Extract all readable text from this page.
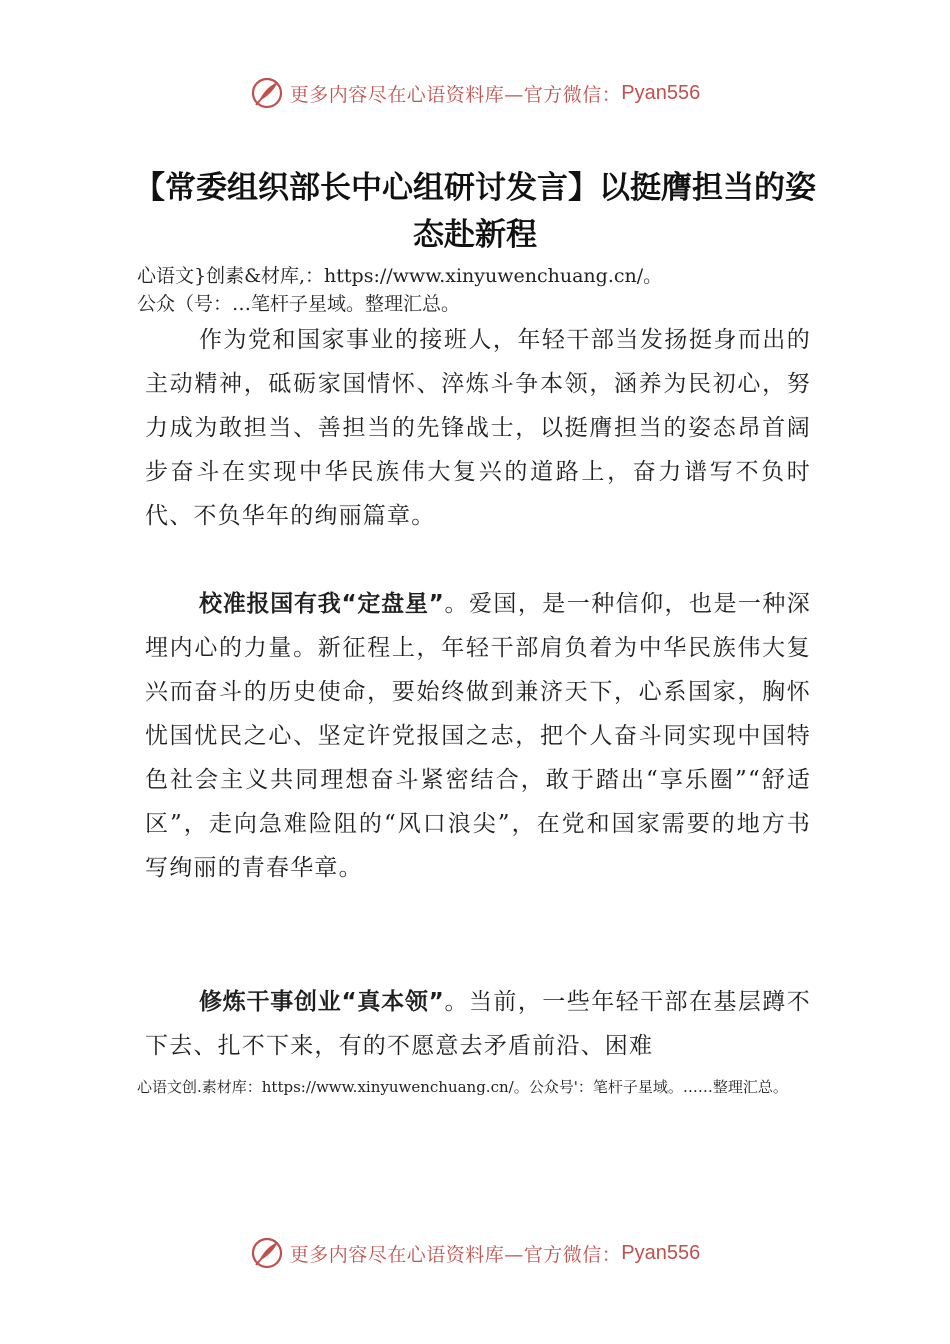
更多内容尽在心语资料库—官方微信： Pyan556
【常委组织部长中心组研讨发言】以挺膺担当的姿态赴新程
心语文}创素&材库,：https://www.xinyuwenchuang.cn/。
公众（号：…笔杆子星域。整理汇总。

作为党和国家事业的接班人，年轻干部当发扬挺身而出的主动精神，砥砺家国情怀、淬炼斗争本领，涵养为民初心，努力成为敢担当、善担当的先锋战士，以挺膺担当的姿态昂首阔步奋斗在实现中华民族伟大复兴的道路上，奋力谱写不负时代、不负华年的绚丽篇章。

校准报国有我“定盘星”。爱国，是一种信仰，也是一种深埋内心的力量。新征程上，年轻干部肩负着为中华民族伟大复兴而奋斗的历史使命，要始终做到兼济天下，心系国家，胸怀忧国忧民之心、坚定许党报国之志，把个人奋斗同实现中国特色社会主义共同理想奋斗紧密结合，敢于踏出“享乐圈”“舒适区”，走向急难险阻的“风口浪尖”，在党和国家需要的地方书写绚丽的青春华章。

修炼干事创业“真本领”。当前，一些年轻干部在基层蹲不下去、扎不下来，有的不愿意去矛盾前沿、困难

心语文创.素材库：https://www.xinyuwenchuang.cn/。公众号'：笔杆子星域。……整理汇总。
更多内容尽在心语资料库—官方微信： Pyan556
